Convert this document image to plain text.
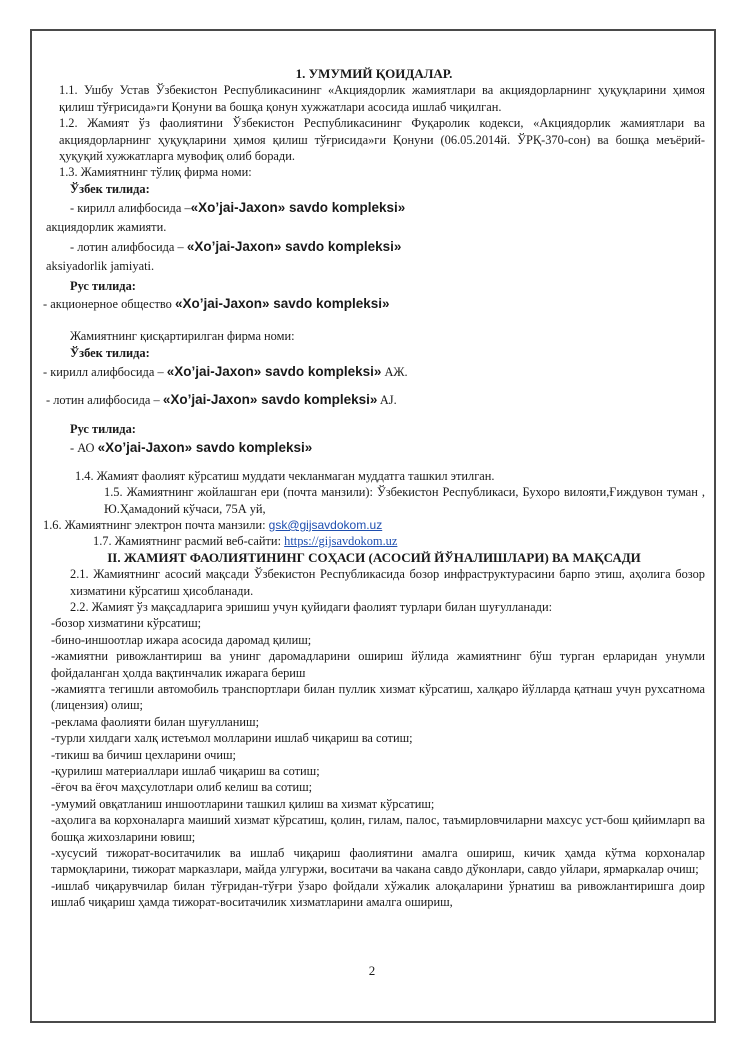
1. УМУМИЙ ҚОИДАЛАР.

1.1. Ушбу Устав Ўзбекистон Республикасининг «Акциядорлик жамиятлари ва акциядорларнинг ҳуқуқларини ҳимоя қилиш тўғрисида»ги Қонуни ва бошқа қонун хужжатлари асосида ишлаб чиқилган.

1.2. Жамият ўз фаолиятини Ўзбекистон Республикасининг Фуқаролик кодекси, «Акциядорлик жамиятлари ва акциядорларнинг ҳуқуқларини ҳимоя қилиш тўғрисида»ги Қонуни (06.05.2014й. ЎРҚ-370-сон) ва бошқа меъёрий-ҳуқуқий хужжатларга мувофиқ олиб боради.

1.3. Жамиятнинг тўлиқ фирма номи:

Ўзбек тилида:

- кирилл алифбосида –«Xo’jai-Jaxon» savdo kompleksi»

акциядорлик жамияти.

- лотин алифбосида – «Xo’jai-Jaxon» savdo kompleksi»

aksiyadorlik jamiyati.

Рус тилида:

- акционерное общество «Xo’jai-Jaxon» savdo kompleksi»

Жамиятнинг қисқартирилган фирма номи:

Ўзбек тилида:

- кирилл алифбосида – «Xo’jai-Jaxon» savdo kompleksi» АЖ.

- лотин алифбосида – «Xo’jai-Jaxon» savdo kompleksi» AJ.

Рус тилида:

- АО «Xo’jai-Jaxon» savdo kompleksi»

1.4. Жамият фаолият кўрсатиш муддати чекланмаган муддатга ташкил этилган.

1.5. Жамиятнинг жойлашган ери (почта манзили): Ўзбекистон Республикаси, Бухоро вилояти,Ғиждувон туман , Ю.Ҳамадоний кўчаси, 75А уй,

1.6. Жамиятнинг электрон почта манзили: gsk@gijsavdokom.uz

1.7. Жамиятнинг расмий веб-сайти: https://gijsavdokom.uz

II. ЖАМИЯТ ФАОЛИЯТИНИНГ СОҲАСИ (АСОСИЙ ЙЎНАЛИШЛАРИ) ВА МАҚСАДИ

2.1. Жамиятнинг асосий мақсади Ўзбекистон Республикасида бозор инфраструктурасини барпо этиш, аҳолига бозор хизматини кўрсатиш ҳисобланади.

2.2. Жамият ўз мақсадларига эришиш учун қуйидаги фаолият турлари билан шуғулланади:

-бозор хизматини кўрсатиш;

-бино-иншоотлар ижара асосида даромад қилиш;

-жамиятни ривожлантириш ва унинг даромадларини ошириш йўлида жамиятнинг бўш турган ерларидан унумли фойдаланган ҳолда вақтинчалик ижарага бериш

-жамиятга тегишли автомобиль транспортлари билан пуллик хизмат кўрсатиш, халқаро йўлларда қатнаш учун рухсатнома (лицензия) олиш;

-реклама фаолияти билан шуғулланиш;

-турли хилдаги халқ истеъмол молларини ишлаб чиқариш ва сотиш;

-тикиш ва бичиш цехларини очиш;

-қурилиш материаллари ишлаб чиқариш ва сотиш;

-ёғоч ва ёғоч маҳсулотлари олиб келиш ва сотиш;

-умумий овқатланиш иншоотларини ташкил қилиш ва хизмат кўрсатиш;

-аҳолига ва корхоналарга маиший хизмат кўрсатиш, қолин, гилам, палос, таъмирловчиларни махсус уст-бош қийимларп ва бошқа жихозларини ювиш;

-хусусий тижорат-воситачилик ва ишлаб чиқариш фаолиятини амалга ошириш, кичик ҳамда кўтма корхоналар тармоқларини, тижорат марказлари, майда улгуржи, воситачи ва чакана савдо дўконлари, савдо уйлари, ярмаркалар очиш;

-ишлаб чиқарувчилар билан тўғридан-тўғри ўзаро фойдали хўжалик алоқаларини ўрнатиш ва ривожлантиришга доир ишлаб чиқариш ҳамда тижорат-воситачилик хизматларини амалга ошириш,

2
